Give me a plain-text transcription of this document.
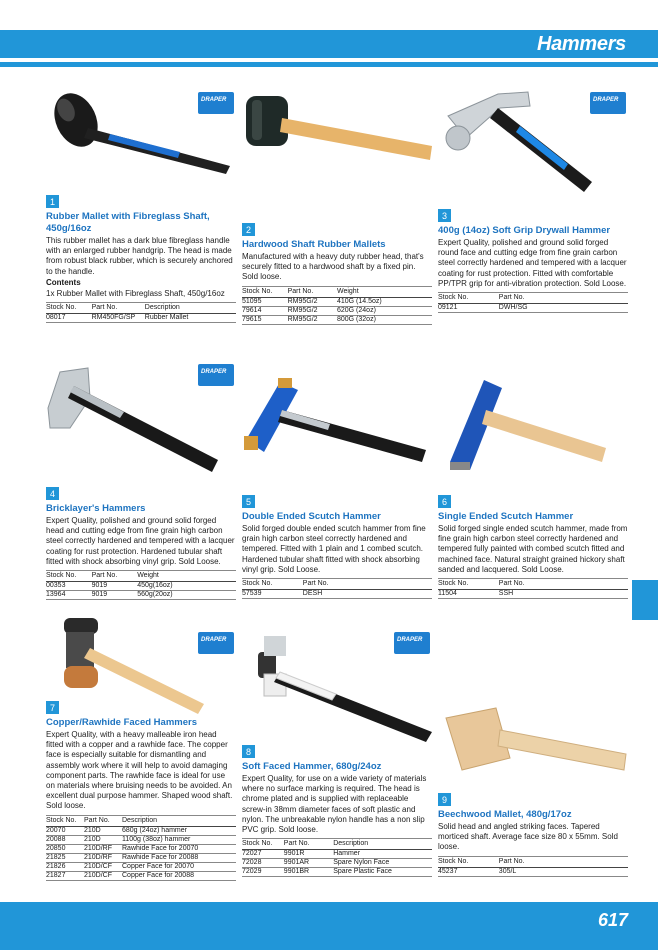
Hammers
617
DRAPER	DRAPER
DRAPER
DRAPER	DRAPER
1
Rubber Mallet with Fibreglass Shaft, 450g/16oz
This rubber mallet has a dark blue fibreglass handle with an enlarged rubber handgrip. The head is made from robust black rubber, which is securely anchored to the handle.
Contents
1x Rubber Mallet with Fibreglass Shaft, 450g/16oz
Stock No.	Part No.	Description
08017	RM450FG/SP	Rubber Mallet
2
Hardwood Shaft Rubber Mallets
Manufactured with a heavy duty rubber head, that's securely fitted to a hardwood shaft by a fixed pin. Sold loose.
Stock No.	Part No.	Weight
51095	RM95G/2	410G (14.5oz)
79614	RM95G/2	620G (24oz)
79615	RM95G/2	800G (32oz)
3
400g (14oz) Soft Grip Drywall Hammer
Expert Quality, polished and ground solid forged round face and cutting edge from fine grain carbon steel correctly hardened and tempered with a lacquer coating for rust protection. Fitted with comfortable PP/TPR grip for anti-vibration protection. Sold Loose.
Stock No.	Part No.
09121	DWH/SG
4
Bricklayer's Hammers
Expert Quality, polished and ground solid forged head and cutting edge from fine grain high carbon steel correctly hardened and tempered with a lacquer coating for rust protection. Hardened tubular shaft fitted with shock absorbing vinyl grip. Sold Loose.
Stock No.	Part No.	Weight
00353	9019	450g(16oz)
13964	9019	560g(20oz)
5
Double Ended Scutch Hammer
Solid forged double ended scutch hammer from fine grain high carbon steel correctly hardened and tempered. Fitted with 1 plain and 1 combed scutch. Hardened tubular shaft fitted with shock absorbing vinyl grip. Sold Loose.
Stock No.	Part No.
57539	DESH
6
Single Ended Scutch Hammer
Solid forged single ended scutch hammer, made from fine grain high carbon steel correctly hardened and tempered fully painted with combed scutch fitted and machined face. Natural straight grained hickory shaft sanded and lacquered. Sold Loose.
Stock No.	Part No.
11504	SSH
7
Copper/Rawhide Faced Hammers
Expert Quality, with a heavy malleable iron head fitted with a copper and a rawhide face. The copper face is especially suitable for dismantling and assembly work where it will help to avoid damaging component parts. The rawhide face is ideal for use on materials where bruising needs to be avoided. An excellent dual purpose hammer. Shaped wood shaft. Sold loose.
Stock No.	Part No.	Description
20070	210D	680g (24oz) hammer
20088	210D	1100g (38oz) hammer
20850	210D/RF	Rawhide Face for 20070
21825	210D/RF	Rawhide Face for 20088
21826	210D/CF	Copper Face for 20070
21827	210D/CF	Copper Face for 20088
8
Soft Faced Hammer, 680g/24oz
Expert Quality, for use on a wide variety of materials where no surface marking is required. The head is chrome plated and is supplied with replaceable screw-in 38mm diameter faces of soft plastic and nylon. The unbreakable nylon handle has a non slip PVC grip. Sold loose.
Stock No.	Part No.	Description
72027	9901R	Hammer
72028	9901AR	Spare Nylon Face
72029	9901BR	Spare Plastic Face
9
Beechwood Mallet, 480g/17oz
Solid head and angled striking faces. Tapered morticed shaft. Average face size 80 x 55mm. Sold loose.
Stock No.	Part No.
45237	305/L
